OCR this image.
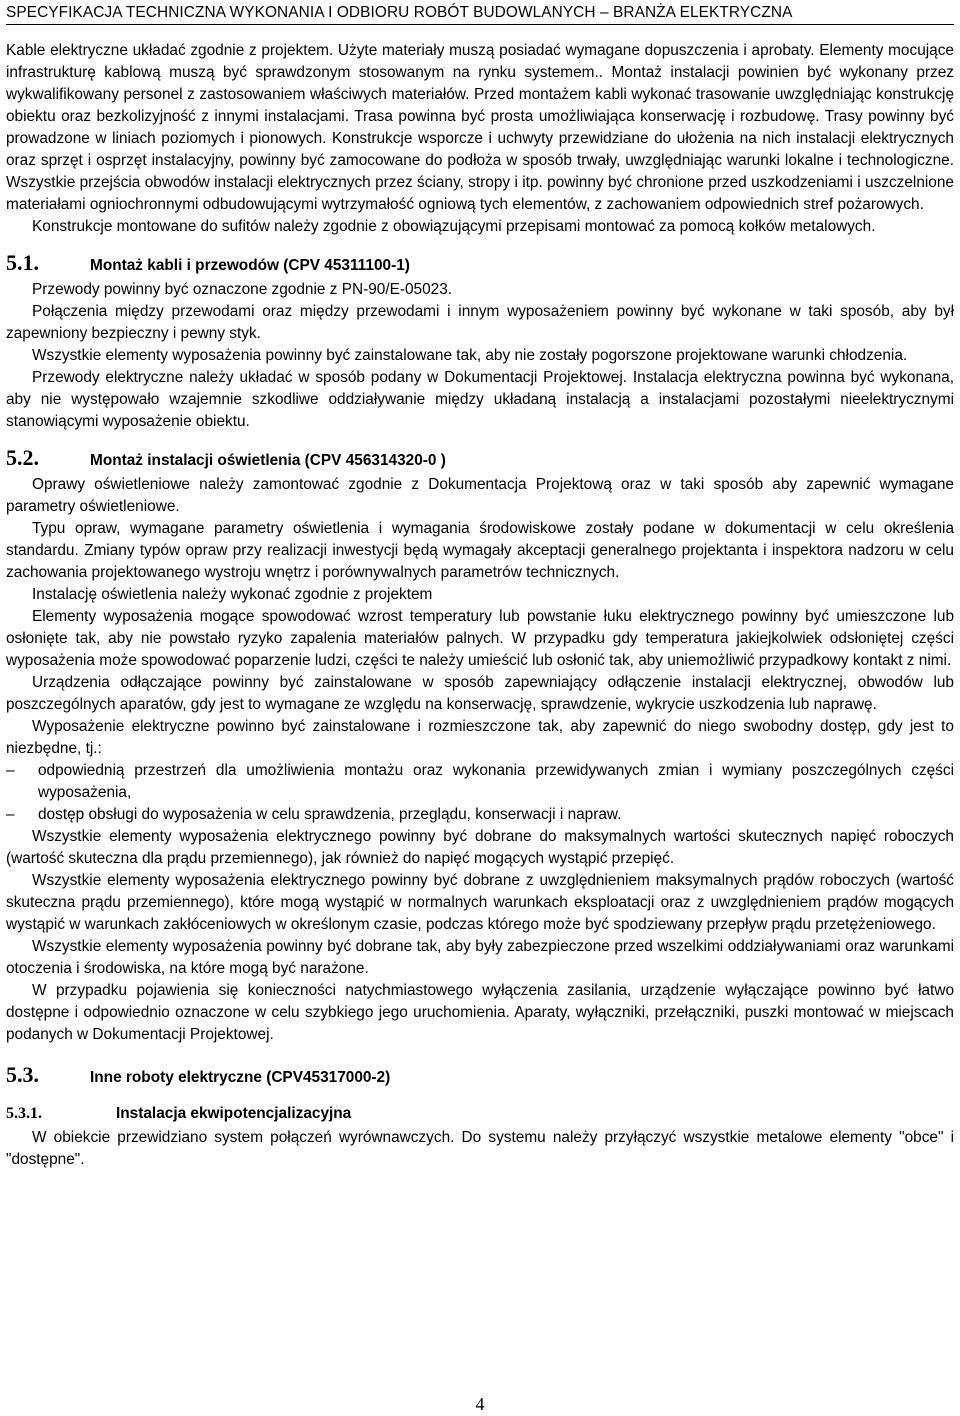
SPECYFIKACJA TECHNICZNA WYKONANIA I ODBIORU ROBÓT BUDOWLANYCH – BRANŻA ELEKTRYCZNA

Kable elektryczne układać zgodnie z projektem. Użyte materiały muszą posiadać wymagane dopuszczenia i aprobaty. Elementy mocujące infrastrukturę kablową muszą być sprawdzonym stosowanym na rynku systemem.. Montaż instalacji powinien być wykonany przez wykwalifikowany personel z zastosowaniem właściwych materiałów. Przed montażem kabli wykonać trasowanie uwzględniając konstrukcję obiektu oraz bezkolizyjność z innymi instalacjami. Trasa powinna być prosta umożliwiająca konserwację i rozbudowę. Trasy powinny być prowadzone w liniach poziomych i pionowych. Konstrukcje wsporcze i uchwyty przewidziane do ułożenia na nich instalacji elektrycznych oraz sprzęt i osprzęt instalacyjny, powinny być zamocowane do podłoża w sposób trwały, uwzględniając warunki lokalne i technologiczne. Wszystkie przejścia obwodów instalacji elektrycznych przez ściany, stropy i itp. powinny być chronione przed uszkodzeniami i uszczelnione materiałami ogniochronnymi odbudowującymi wytrzymałość ogniową tych elementów, z zachowaniem odpowiednich stref pożarowych.

Konstrukcje montowane do sufitów należy zgodnie z obowiązującymi przepisami montować za pomocą kołków metalowych.

5.1.	Montaż kabli i przewodów (CPV 45311100-1)

Przewody powinny być oznaczone zgodnie z PN-90/E-05023.

Połączenia między przewodami oraz między przewodami i innym wyposażeniem powinny być wykonane w taki sposób, aby był zapewniony bezpieczny i pewny styk.

Wszystkie elementy wyposażenia powinny być zainstalowane tak, aby nie zostały pogorszone projektowane warunki chłodzenia.

Przewody elektryczne należy układać w sposób podany w Dokumentacji Projektowej. Instalacja elektryczna powinna być wykonana, aby nie występowało wzajemnie szkodliwe oddziaływanie między układaną instalacją a instalacjami pozostałymi nieelektrycznymi stanowiącymi wyposażenie obiektu.

5.2.	Montaż instalacji oświetlenia (CPV 456314320-0 )

Oprawy oświetleniowe należy zamontować zgodnie z Dokumentacja Projektową oraz w taki sposób aby zapewnić wymagane parametry oświetleniowe.

Typu opraw, wymagane parametry oświetlenia i wymagania środowiskowe zostały podane w dokumentacji w celu określenia standardu. Zmiany typów opraw przy realizacji inwestycji będą wymagały akceptacji generalnego projektanta i inspektora nadzoru w celu zachowania projektowanego wystroju wnętrz i porównywalnych parametrów technicznych.

Instalację oświetlenia należy wykonać zgodnie z projektem

Elementy wyposażenia mogące spowodować wzrost temperatury lub powstanie łuku elektrycznego powinny być umieszczone lub osłonięte tak, aby nie powstało ryzyko zapalenia materiałów palnych. W przypadku gdy temperatura jakiejkolwiek odsłoniętej części wyposażenia może spowodować poparzenie ludzi, części te należy umieścić lub osłonić tak, aby uniemożliwić przypadkowy kontakt z nimi.

Urządzenia odłączające powinny być zainstalowane w sposób zapewniający odłączenie instalacji elektrycznej, obwodów lub poszczególnych aparatów, gdy jest to wymagane ze względu na konserwację, sprawdzenie, wykrycie uszkodzenia lub naprawę.

Wyposażenie elektryczne powinno być zainstalowane i rozmieszczone tak, aby zapewnić do niego swobodny dostęp, gdy jest to niezbędne, tj.:

–	odpowiednią przestrzeń dla umożliwienia montażu oraz wykonania przewidywanych zmian i wymiany poszczególnych części wyposażenia,
–	dostęp obsługi do wyposażenia w celu sprawdzenia, przeglądu, konserwacji i napraw.

Wszystkie elementy wyposażenia elektrycznego powinny być dobrane do maksymalnych wartości skutecznych napięć roboczych (wartość skuteczna dla prądu przemiennego), jak również do napięć mogących wystąpić przepięć.

Wszystkie elementy wyposażenia elektrycznego powinny być dobrane z uwzględnieniem maksymalnych prądów roboczych (wartość skuteczna prądu przemiennego), które mogą wystąpić w normalnych warunkach eksploatacji oraz z uwzględnieniem prądów mogących wystąpić w warunkach zakłóceniowych w określonym czasie, podczas którego może być spodziewany przepływ prądu przetężeniowego.

Wszystkie elementy wyposażenia powinny być dobrane tak, aby były zabezpieczone przed wszelkimi oddziaływaniami oraz warunkami otoczenia i środowiska, na które mogą być narażone.

W przypadku pojawienia się konieczności natychmiastowego wyłączenia zasilania, urządzenie wyłączające powinno być łatwo dostępne i odpowiednio oznaczone w celu szybkiego jego uruchomienia. Aparaty, wyłączniki, przełączniki, puszki montować w miejscach podanych w Dokumentacji Projektowej.

5.3.	Inne roboty elektryczne (CPV45317000-2)
5.3.1.	Instalacja ekwipotencjalizacyjna

W obiekcie przewidziano system połączeń wyrównawczych. Do systemu należy przyłączyć wszystkie metalowe elementy "obce" i "dostępne".

4
